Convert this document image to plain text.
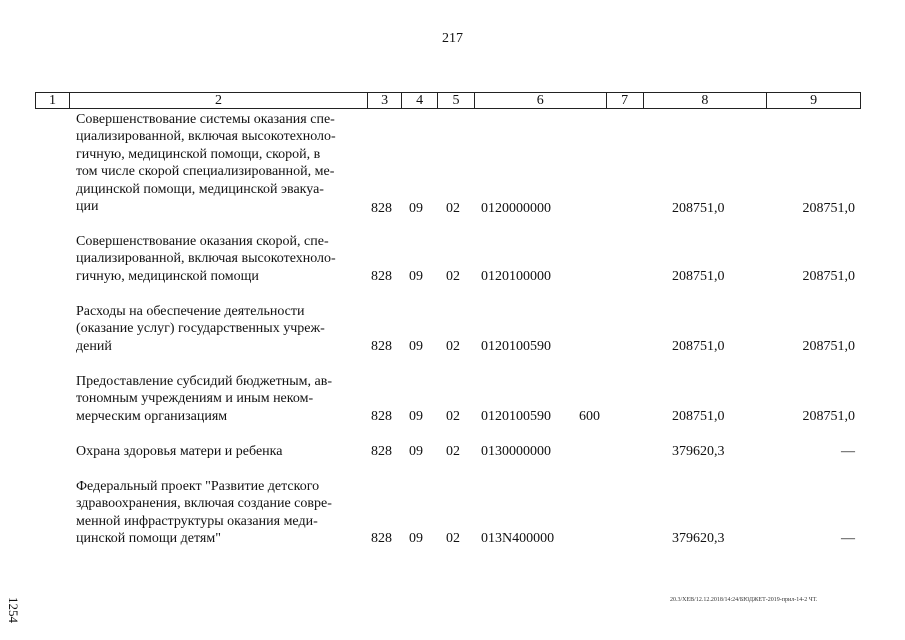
217
1	2	3	4	5	6	7	8	9
Совершенствование системы оказания спе-
циализированной, включая высокотехноло-
гичную, медицинской помощи, скорой, в
том числе скорой специализированной, ме-
дицинской помощи, медицинской эвакуа-
ции	828 09 02 0120000000	208751,0	208751,0
Совершенствование оказания скорой, спе-
циализированной, включая высокотехноло-
гичную, медицинской помощи	828 09 02 0120100000	208751,0	208751,0
Расходы на обеспечение деятельности
(оказание услуг) государственных учреж-
дений	828 09 02 0120100590	208751,0	208751,0
Предоставление субсидий бюджетным, ав-
тономным учреждениям и иным неком-
мерческим организациям	828 09 02 0120100590 600	208751,0	208751,0
Охрана здоровья матери и ребенка	828 09 02 0130000000	379620,3	—
Федеральный проект "Развитие детского
здравоохранения, включая создание совре-
менной инфраструктуры оказания меди-
цинской помощи детям"	828 09 02 013N400000	379620,3	—
20.3/ХЕВ/12.12.2018/14:24/БЮДЖЕТ-2019-прил-14-2 ЧТ.
1254
